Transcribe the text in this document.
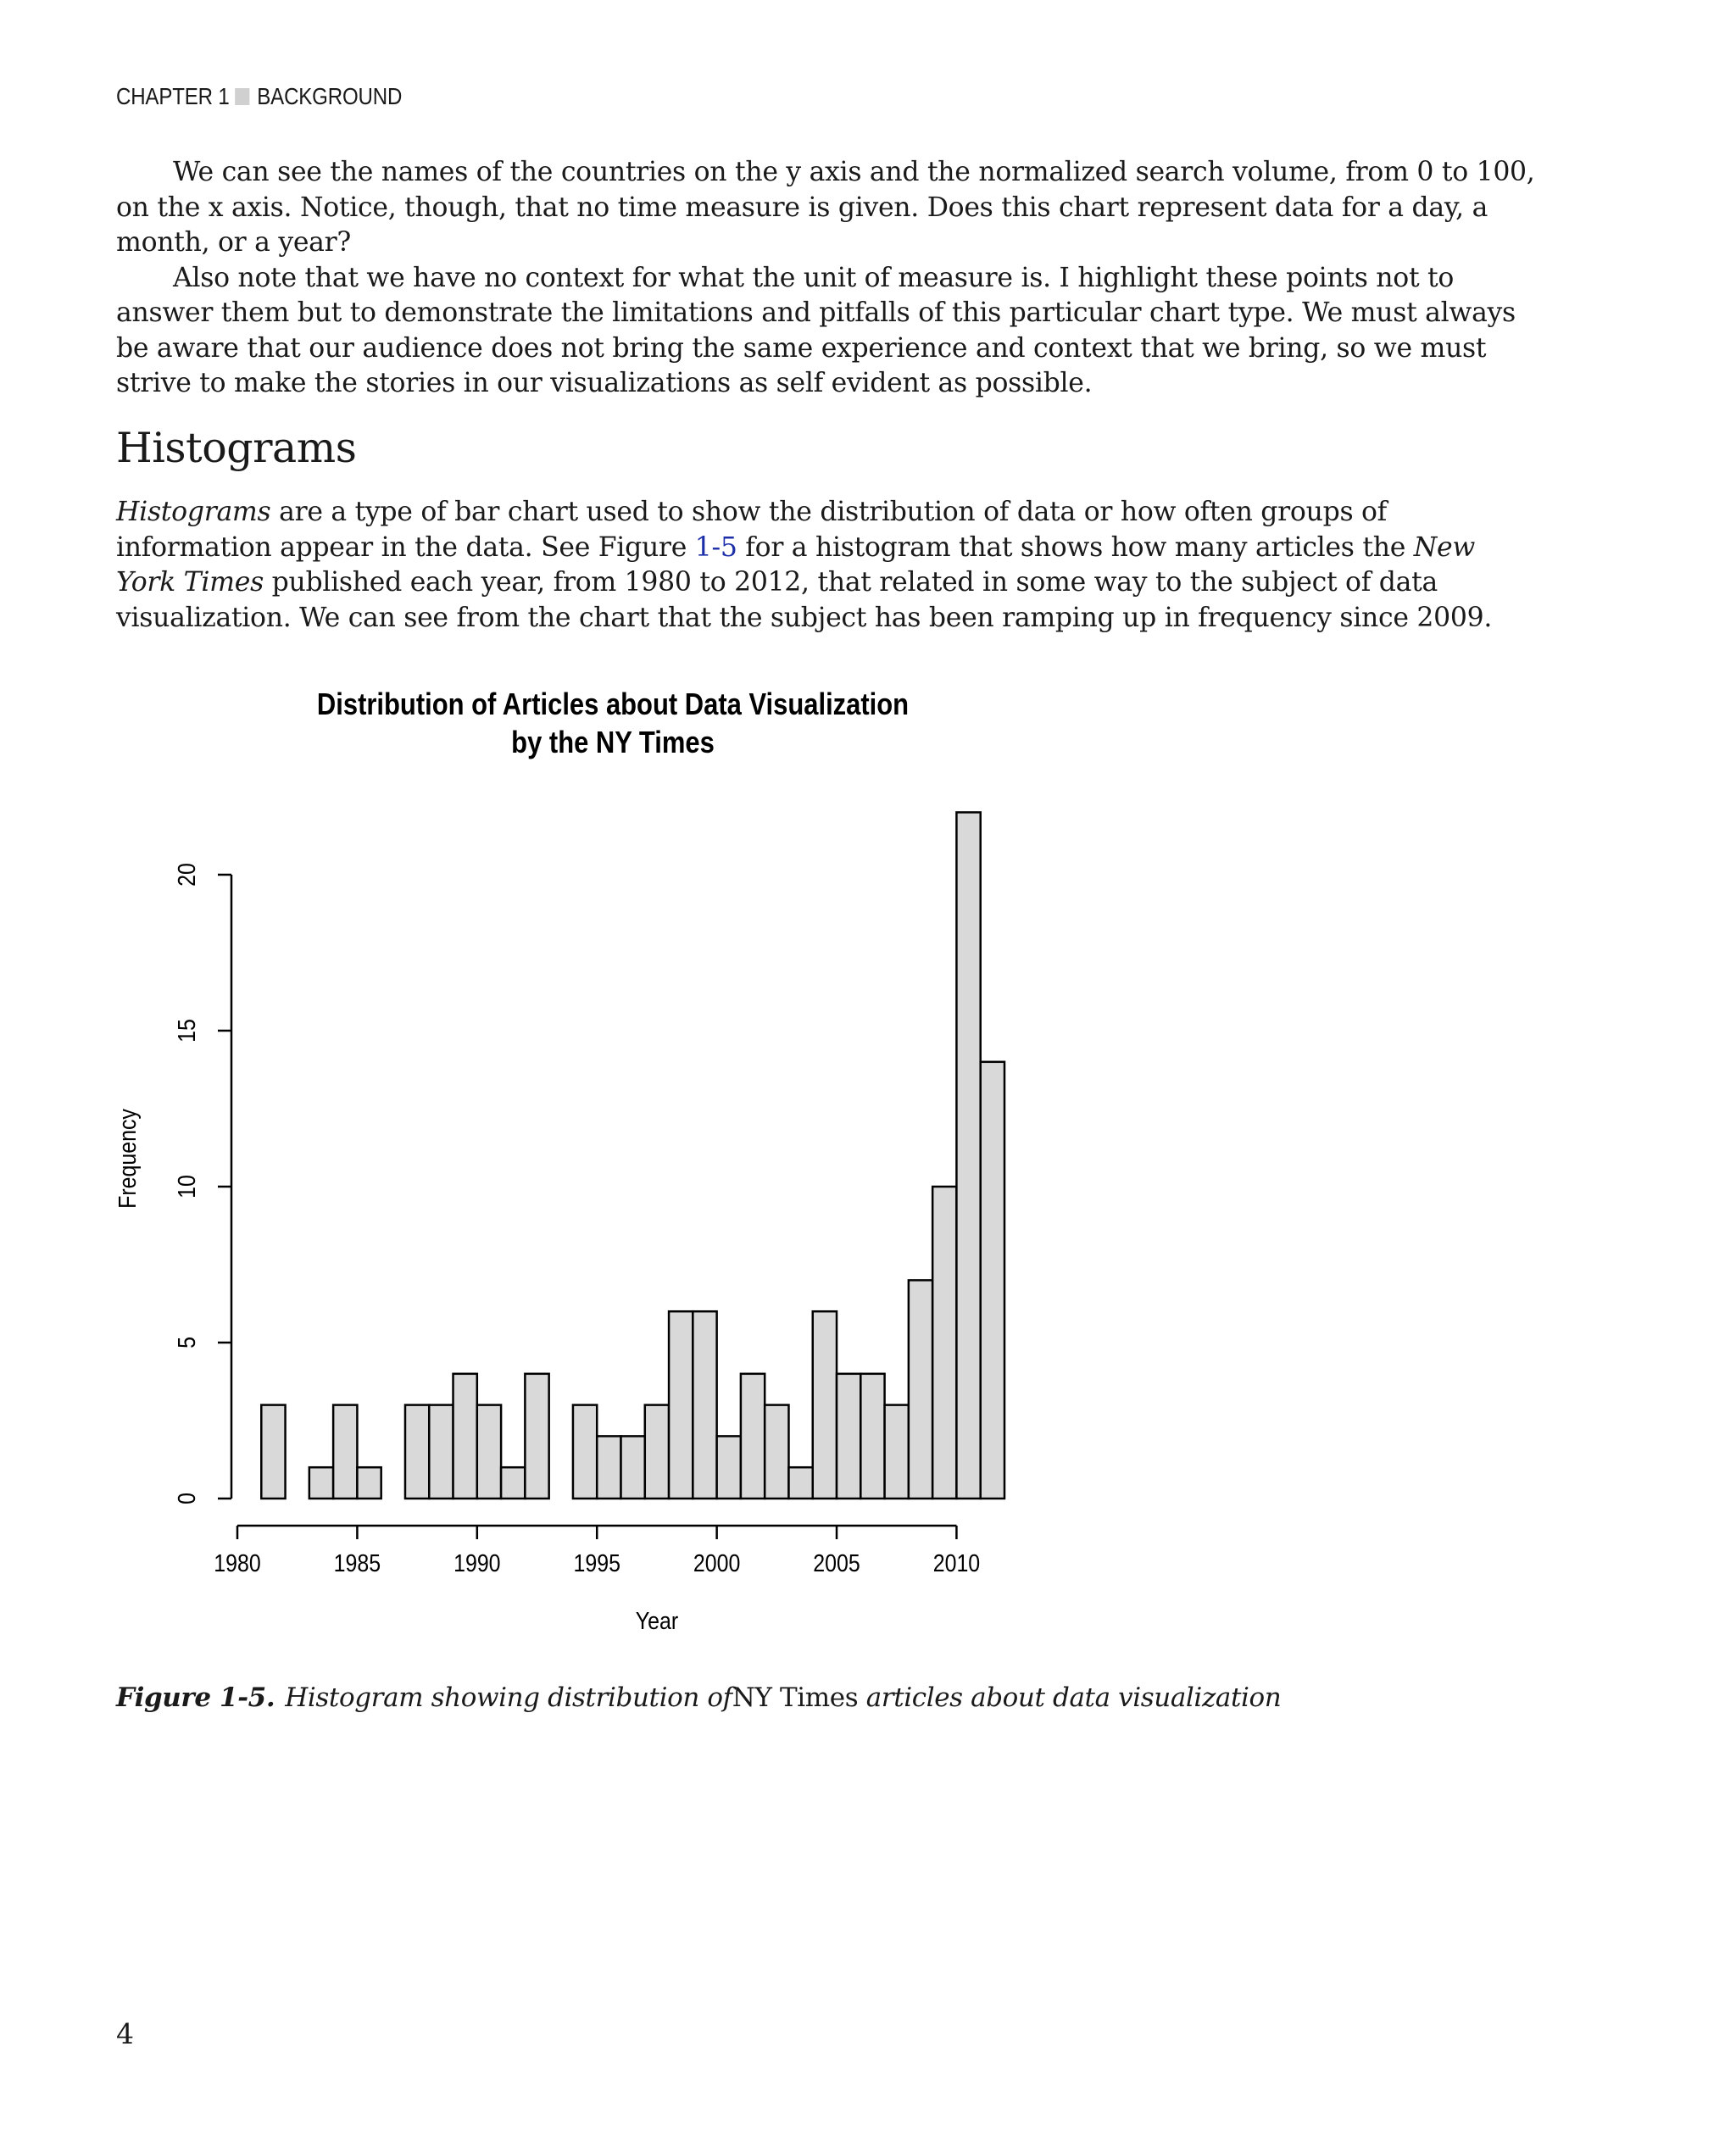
CHAPTER 1 BACKGROUND

We can see the names of the countries on the y axis and the normalized search volume, from 0 to 100, on the x axis. Notice, though, that no time measure is given. Does this chart represent data for a day, a month, or a year?

Also note that we have no context for what the unit of measure is. I highlight these points not to answer them but to demonstrate the limitations and pitfalls of this particular chart type. We must always be aware that our audience does not bring the same experience and context that we bring, so we must strive to make the stories in our visualizations as self evident as possible.

Histograms

Histograms are a type of bar chart used to show the distribution of data or how often groups of information appear in the data. See Figure 1-5 for a histogram that shows how many articles the New York Times published each year, from 1980 to 2012, that related in some way to the subject of data visualization. We can see from the chart that the subject has been ramping up in frequency since 2009.

Distribution of Articles about Data Visualization
by the NY Times
0
5
10
15
20
1980	1985	1990	1995	2000	2005	2010
Year
Frequency
Figure 1-5. Histogram showing distribution ofNY Times articles about data visualization
4
